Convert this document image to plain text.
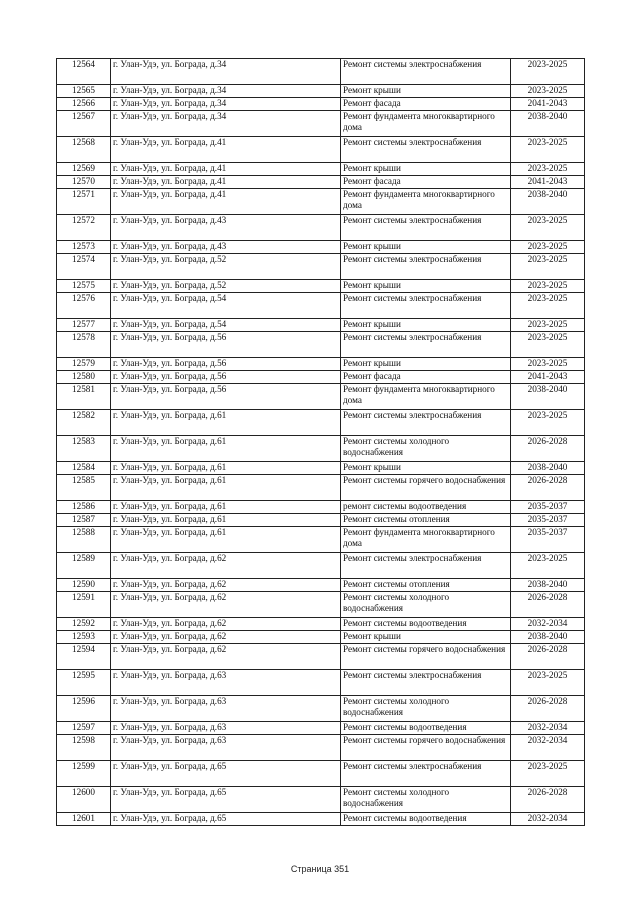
12564	г. Улан-Удэ, ул. Бограда, д.34	Ремонт системы электроснабжения	2023-2025
12565	г. Улан-Удэ, ул. Бограда, д.34	Ремонт крыши	2023-2025
12566	г. Улан-Удэ, ул. Бограда, д.34	Ремонт фасада	2041-2043
12567	г. Улан-Удэ, ул. Бограда, д.34	Ремонт фундамента многоквартирного дома	2038-2040
12568	г. Улан-Удэ, ул. Бограда, д.41	Ремонт системы электроснабжения	2023-2025
12569	г. Улан-Удэ, ул. Бограда, д.41	Ремонт крыши	2023-2025
12570	г. Улан-Удэ, ул. Бограда, д.41	Ремонт фасада	2041-2043
12571	г. Улан-Удэ, ул. Бограда, д.41	Ремонт фундамента многоквартирного дома	2038-2040
12572	г. Улан-Удэ, ул. Бограда, д.43	Ремонт системы электроснабжения	2023-2025
12573	г. Улан-Удэ, ул. Бограда, д.43	Ремонт крыши	2023-2025
12574	г. Улан-Удэ, ул. Бограда, д.52	Ремонт системы электроснабжения	2023-2025
12575	г. Улан-Удэ, ул. Бограда, д.52	Ремонт крыши	2023-2025
12576	г. Улан-Удэ, ул. Бограда, д.54	Ремонт системы электроснабжения	2023-2025
12577	г. Улан-Удэ, ул. Бограда, д.54	Ремонт крыши	2023-2025
12578	г. Улан-Удэ, ул. Бограда, д.56	Ремонт системы электроснабжения	2023-2025
12579	г. Улан-Удэ, ул. Бограда, д.56	Ремонт крыши	2023-2025
12580	г. Улан-Удэ, ул. Бограда, д.56	Ремонт фасада	2041-2043
12581	г. Улан-Удэ, ул. Бограда, д.56	Ремонт фундамента многоквартирного дома	2038-2040
12582	г. Улан-Удэ, ул. Бограда, д.61	Ремонт системы электроснабжения	2023-2025
12583	г. Улан-Удэ, ул. Бограда, д.61	Ремонт системы холодного водоснабжения	2026-2028
12584	г. Улан-Удэ, ул. Бограда, д.61	Ремонт крыши	2038-2040
12585	г. Улан-Удэ, ул. Бограда, д.61	Ремонт системы горячего водоснабжения	2026-2028
12586	г. Улан-Удэ, ул. Бограда, д.61	ремонт системы водоотведения	2035-2037
12587	г. Улан-Удэ, ул. Бограда, д.61	Ремонт системы отопления	2035-2037
12588	г. Улан-Удэ, ул. Бограда, д.61	Ремонт фундамента многоквартирного дома	2035-2037
12589	г. Улан-Удэ, ул. Бограда, д.62	Ремонт системы электроснабжения	2023-2025
12590	г. Улан-Удэ, ул. Бограда, д.62	Ремонт системы отопления	2038-2040
12591	г. Улан-Удэ, ул. Бограда, д.62	Ремонт системы холодного водоснабжения	2026-2028
12592	г. Улан-Удэ, ул. Бограда, д.62	Ремонт системы водоотведения	2032-2034
12593	г. Улан-Удэ, ул. Бограда, д.62	Ремонт крыши	2038-2040
12594	г. Улан-Удэ, ул. Бограда, д.62	Ремонт системы горячего водоснабжения	2026-2028
12595	г. Улан-Удэ, ул. Бограда, д.63	Ремонт системы электроснабжения	2023-2025
12596	г. Улан-Удэ, ул. Бограда, д.63	Ремонт системы холодного водоснабжения	2026-2028
12597	г. Улан-Удэ, ул. Бограда, д.63	Ремонт системы водоотведения	2032-2034
12598	г. Улан-Удэ, ул. Бограда, д.63	Ремонт системы горячего водоснабжения	2032-2034
12599	г. Улан-Удэ, ул. Бограда, д.65	Ремонт системы электроснабжения	2023-2025
12600	г. Улан-Удэ, ул. Бограда, д.65	Ремонт системы холодного водоснабжения	2026-2028
12601	г. Улан-Удэ, ул. Бограда, д.65	Ремонт системы водоотведения	2032-2034
Страница 351
